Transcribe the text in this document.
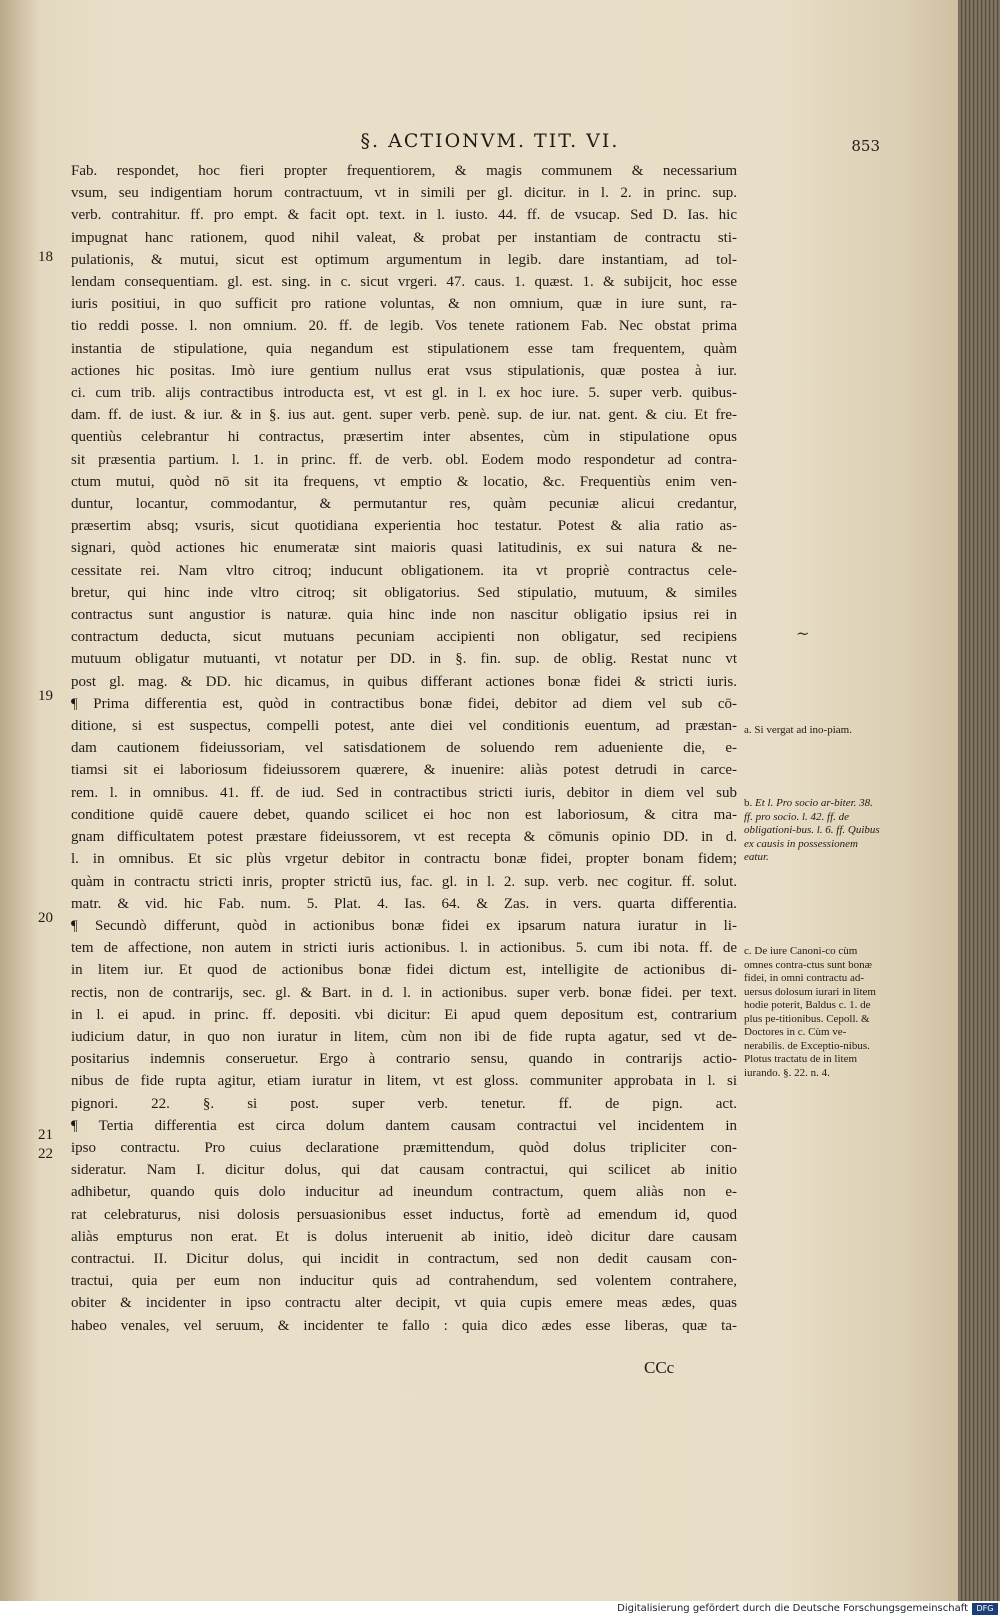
§. ACTIONVM. TIT. VI.	853
Fab. respondet, hoc fieri propter frequentiorem, & magis communem & necessarium
vsum, seu indigentiam horum contractuum, vt in simili per gl. dicitur. in l. 2. in princ. sup.
verb. contrahitur. ff. pro empt. & facit opt. text. in l. iusto. 44. ff. de vsucap. Sed D. Ias. hic
impugnat hanc rationem, quod nihil valeat, & probat per instantiam de contractu sti-
pulationis, & mutui, sicut est optimum argumentum in legib. dare instantiam, ad tol-
lendam consequentiam. gl. est. sing. in c. sicut vrgeri. 47. caus. 1. quæst. 1. & subijcit, hoc esse
iuris positiui, in quo sufficit pro ratione voluntas, & non omnium, quæ in iure sunt, ra-
tio reddi posse. l. non omnium. 20. ff. de legib. Vos tenete rationem Fab. Nec obstat prima
instantia de stipulatione, quia negandum est stipulationem esse tam frequentem, quàm
actiones hic positas. Imò iure gentium nullus erat vsus stipulationis, quæ postea à iur.
ci. cum trib. alijs contractibus introducta est, vt est gl. in l. ex hoc iure. 5. super verb. quibus-
dam. ff. de iust. & iur. & in §. ius aut. gent. super verb. penè. sup. de iur. nat. gent. & ciu. Et fre-
quentiùs celebrantur hi contractus, præsertim inter absentes, cùm in stipulatione opus
sit præsentia partium. l. 1. in princ. ff. de verb. obl. Eodem modo respondetur ad contra-
ctum mutui, quòd nō sit ita frequens, vt emptio & locatio, &c. Frequentiùs enim ven-
duntur, locantur, commodantur, & permutantur res, quàm pecuniæ alicui credantur,
præsertim absq; vsuris, sicut quotidiana experientia hoc testatur. Potest & alia ratio as-
signari, quòd actiones hic enumeratæ sint maioris quasi latitudinis, ex sui natura & ne-
cessitate rei. Nam vltro citroq; inducunt obligationem. ita vt propriè contractus cele-
bretur, qui hinc inde vltro citroq; sit obligatorius. Sed stipulatio, mutuum, & similes
contractus sunt angustior is naturæ. quia hinc inde non nascitur obligatio ipsius rei in
contractum deducta, sicut mutuans pecuniam accipienti non obligatur, sed recipiens
mutuum obligatur mutuanti, vt notatur per DD. in §. fin. sup. de oblig. Restat nunc vt
post gl. mag. & DD. hic dicamus, in quibus differant actiones bonæ fidei & stricti iuris.
¶ Prima differentia est, quòd in contractibus bonæ fidei, debitor ad diem vel sub cō-
ditione, si est suspectus, compelli potest, ante diei vel conditionis euentum, ad præstan-
dam cautionem fideiussoriam, vel satisdationem de soluendo rem adueniente die, e-
tiamsi sit ei laboriosum fideiussorem quærere, & inuenire: aliàs potest detrudi in carce-
rem. l. in omnibus. 41. ff. de iud. Sed in contractibus stricti iuris, debitor in diem vel sub
conditione quidē cauere debet, quando scilicet ei hoc non est laboriosum, & citra ma-
gnam difficultatem potest præstare fideiussorem, vt est recepta & cōmunis opinio DD. in d.
l. in omnibus. Et sic plùs vrgetur debitor in contractu bonæ fidei, propter bonam fidem;
quàm in contractu stricti inris, propter strictū ius, fac. gl. in l. 2. sup. verb. nec cogitur. ff. solut.
matr. & vid. hic Fab. num. 5. Plat. 4. Ias. 64. & Zas. in vers. quarta differentia.
¶ Secundò differunt, quòd in actionibus bonæ fidei ex ipsarum natura iuratur in li-
tem de affectione, non autem in stricti iuris actionibus. l. in actionibus. 5. cum ibi nota. ff. de
in litem iur. Et quod de actionibus bonæ fidei dictum est, intelligite de actionibus di-
rectis, non de contrarijs, sec. gl. & Bart. in d. l. in actionibus. super verb. bonæ fidei. per text.
in l. ei apud. in princ. ff. depositi. vbi dicitur: Ei apud quem depositum est, contrarium
iudicium datur, in quo non iuratur in litem, cùm non ibi de fide rupta agatur, sed vt de-
positarius indemnis conseruetur. Ergo à contrario sensu, quando in contrarijs actio-
nibus de fide rupta agitur, etiam iuratur in litem, vt est gloss. communiter approbata in l. si
pignori. 22. §. si post. super verb. tenetur. ff. de pign. act.
¶ Tertia differentia est circa dolum dantem causam contractui vel incidentem in
ipso contractu. Pro cuius declaratione præmittendum, quòd dolus tripliciter con-
sideratur. Nam I. dicitur dolus, qui dat causam contractui, qui scilicet ab initio
adhibetur, quando quis dolo inducitur ad ineundum contractum, quem aliàs non e-
rat celebraturus, nisi dolosis persuasionibus esset inductus, fortè ad emendum id, quod
aliàs empturus non erat. Et is dolus interuenit ab initio, ideò dicitur dare causam
contractui. II. Dicitur dolus, qui incidit in contractum, sed non dedit causam con-
tractui, quia per eum non inducitur quis ad contrahendum, sed volentem contrahere,
obiter & incidenter in ipso contractu alter decipit, vt quia cupis emere meas ædes, quas
habeo venales, vel seruum, & incidenter te fallo : quia dico ædes esse liberas, quæ ta-
18
19
20
21
22
a. Si vergat ad ino-piam.
b. Et l. Pro socio ar-biter. 38. ff. pro socio. l. 42. ff. de obligationi-bus. l. 6. ff. Quibus ex causis in possessionem eatur.
c. De iure Canoni-co cùm omnes contra-ctus sunt bonæ fidei, in omni contractu ad-uersus dolosum iurari in litem hodie poterit, Baldus c. 1. de plus pe-titionibus. Cepoll. & Doctores in c. Cùm ve-nerabilis. de Exceptio-nibus. Plotus tractatu de in litem iurando. §. 22. n. 4.
CCc
~
Digitalisierung gefördert durch die Deutsche Forschungsgemeinschaft	DFG
